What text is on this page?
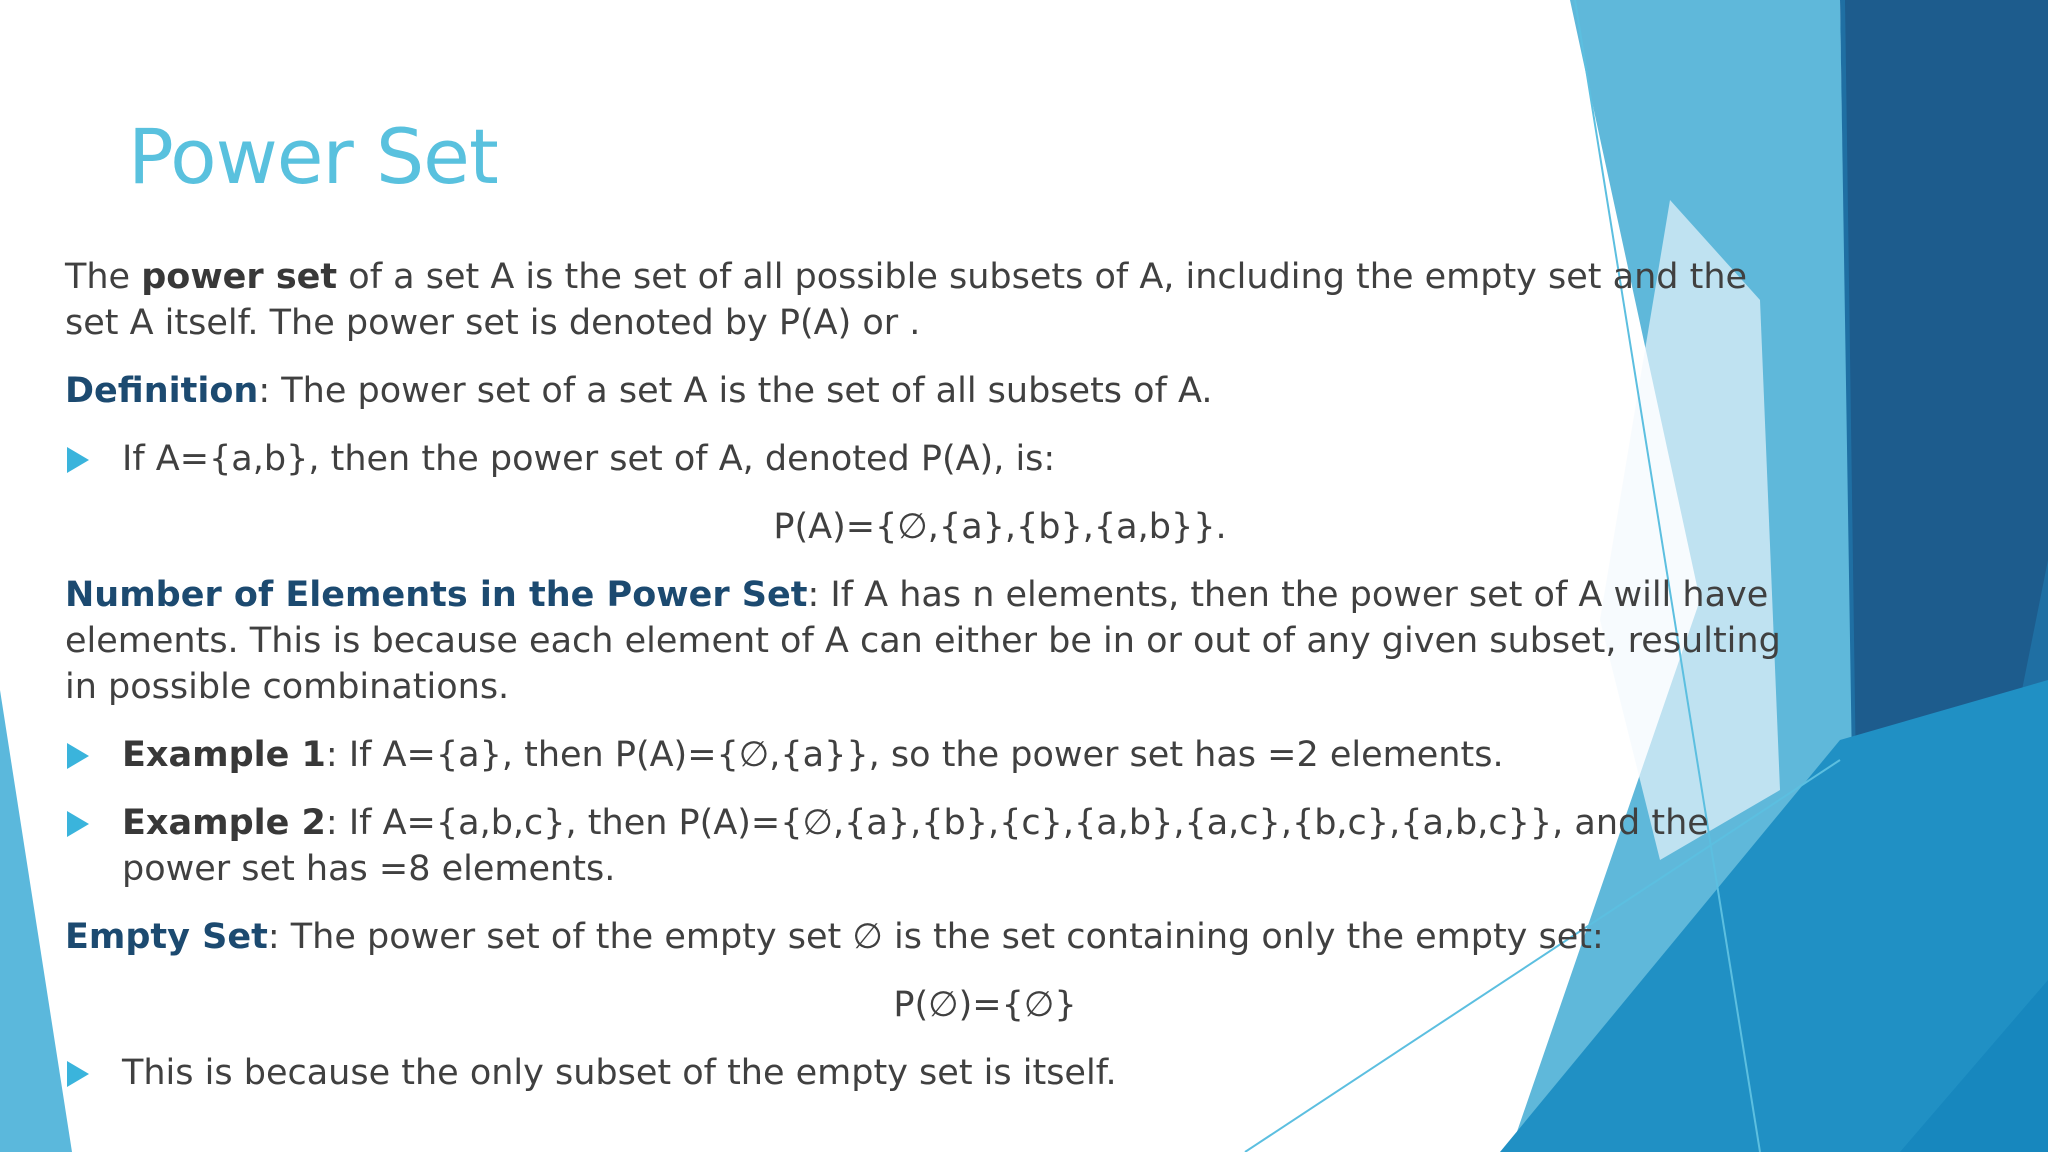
Power Set

The power set of a set A is the set of all possible subsets of A, including the empty set and the set A itself. The power set is denoted by P(A) or .

Definition: The power set of a set A is the set of all subsets of A.

If A={a,b}, then the power set of A, denoted P(A), is:

P(A)={∅,{a},{b},{a,b}}.

Number of Elements in the Power Set: If A has n elements, then the power set of A will have elements. This is because each element of A can either be in or out of any given subset, resulting in possible combinations.

Example 1: If A={a}, then P(A)={∅,{a}}, so the power set has =2 elements.

Example 2: If A={a,b,c}, then P(A)={∅,{a},{b},{c},{a,b},{a,c},{b,c},{a,b,c}}, and the power set has =8 elements.

Empty Set: The power set of the empty set ∅ is the set containing only the empty set:

P(∅)={∅}

This is because the only subset of the empty set is itself.
